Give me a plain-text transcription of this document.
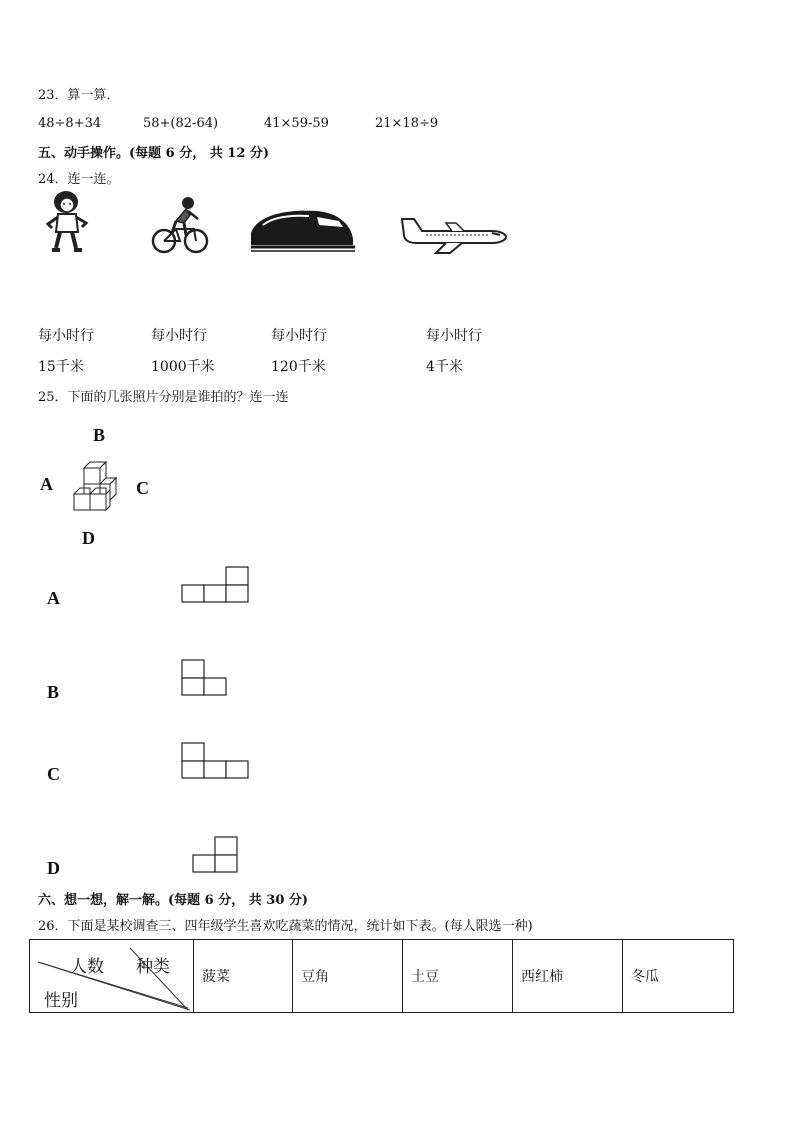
23．算一算．
48÷8+34	58+(82-64)	41×59-59	21×18÷9
五、动手操作。(每题 6 分， 共 12 分)
24．连一连。
每小时行	每小时行	每小时行	每小时行
15千米	1000千米	120千米	4千米
25．下面的几张照片分别是谁拍的？连一连
B
A	C
D
A
B
C
D
六、想一想，解一解。(每题 6 分， 共 30 分)
26．下面是某校调查三、四年级学生喜欢吃蔬菜的情况，统计如下表。(每人限选一种)
人数 种类
性别
	菠菜	豆角	土豆	西红柿	冬瓜
